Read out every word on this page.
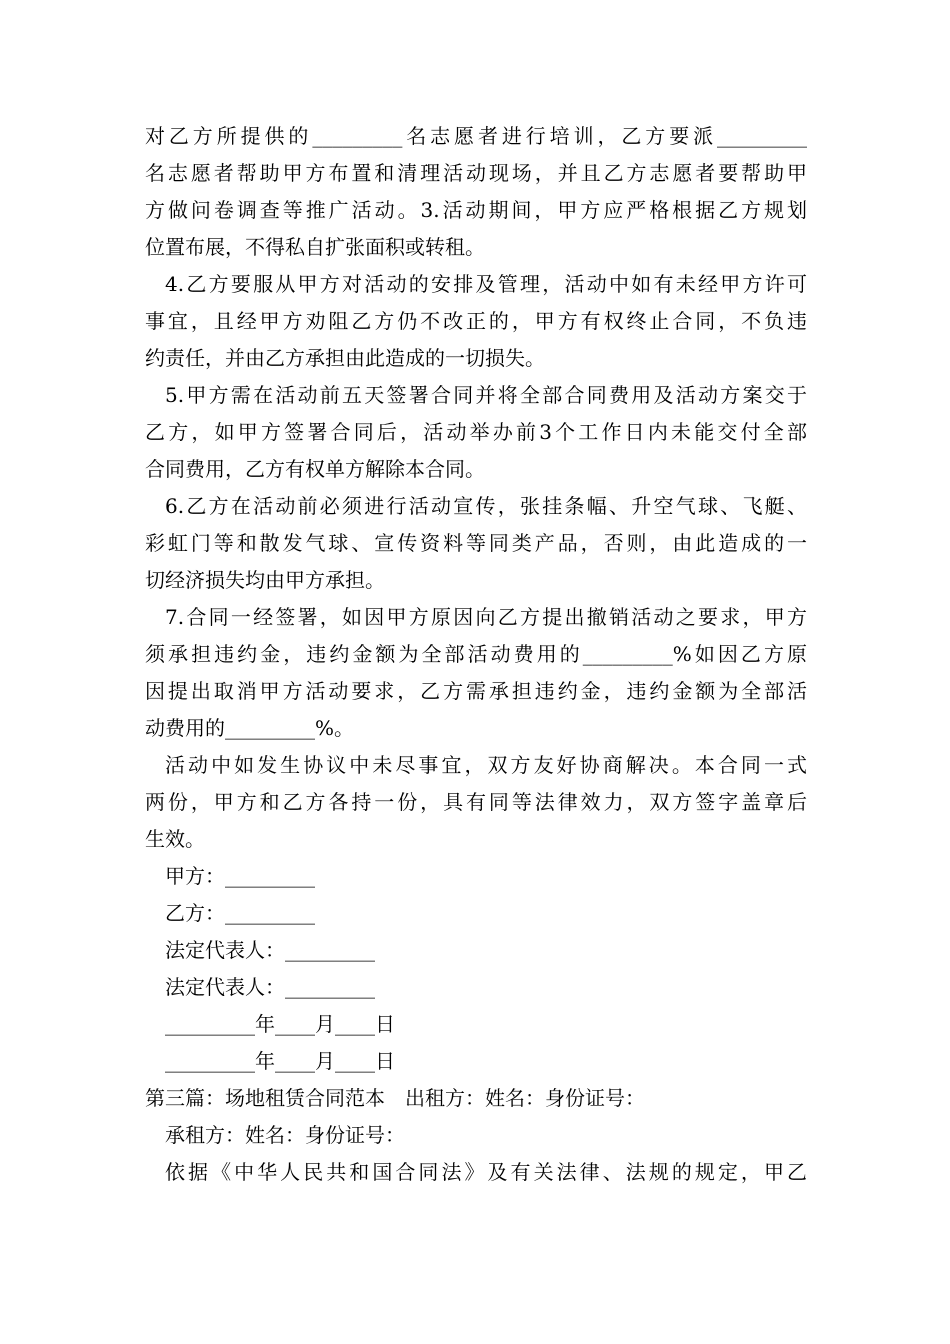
对乙方所提供的_________名志愿者进行培训，乙方要派_________
名志愿者帮助甲方布置和清理活动现场，并且乙方志愿者要帮助甲
方做问卷调查等推广活动。3.活动期间，甲方应严格根据乙方规划
位置布展，不得私自扩张面积或转租。
4.乙方要服从甲方对活动的安排及管理，活动中如有未经甲方许可
事宜，且经甲方劝阻乙方仍不改正的，甲方有权终止合同，不负违
约责任，并由乙方承担由此造成的一切损失。
5.甲方需在活动前五天签署合同并将全部合同费用及活动方案交于
乙方，如甲方签署合同后，活动举办前3个工作日内未能交付全部
合同费用，乙方有权单方解除本合同。
6.乙方在活动前必须进行活动宣传，张挂条幅、升空气球、飞艇、
彩虹门等和散发气球、宣传资料等同类产品，否则，由此造成的一
切经济损失均由甲方承担。
7.合同一经签署，如因甲方原因向乙方提出撤销活动之要求，甲方
须承担违约金，违约金额为全部活动费用的_________%如因乙方原
因提出取消甲方活动要求，乙方需承担违约金，违约金额为全部活
动费用的_________%。
活动中如发生协议中未尽事宜，双方友好协商解决。本合同一式
两份，甲方和乙方各持一份，具有同等法律效力，双方签字盖章后
生效。
甲方：_________
乙方：_________
法定代表人：_________
法定代表人：_________
_________年____月____日
_________年____月____日
第三篇：场地租赁合同范本　出租方：姓名：身份证号：
承租方：姓名：身份证号：
依据《中华人民共和国合同法》及有关法律、法规的规定，甲乙
